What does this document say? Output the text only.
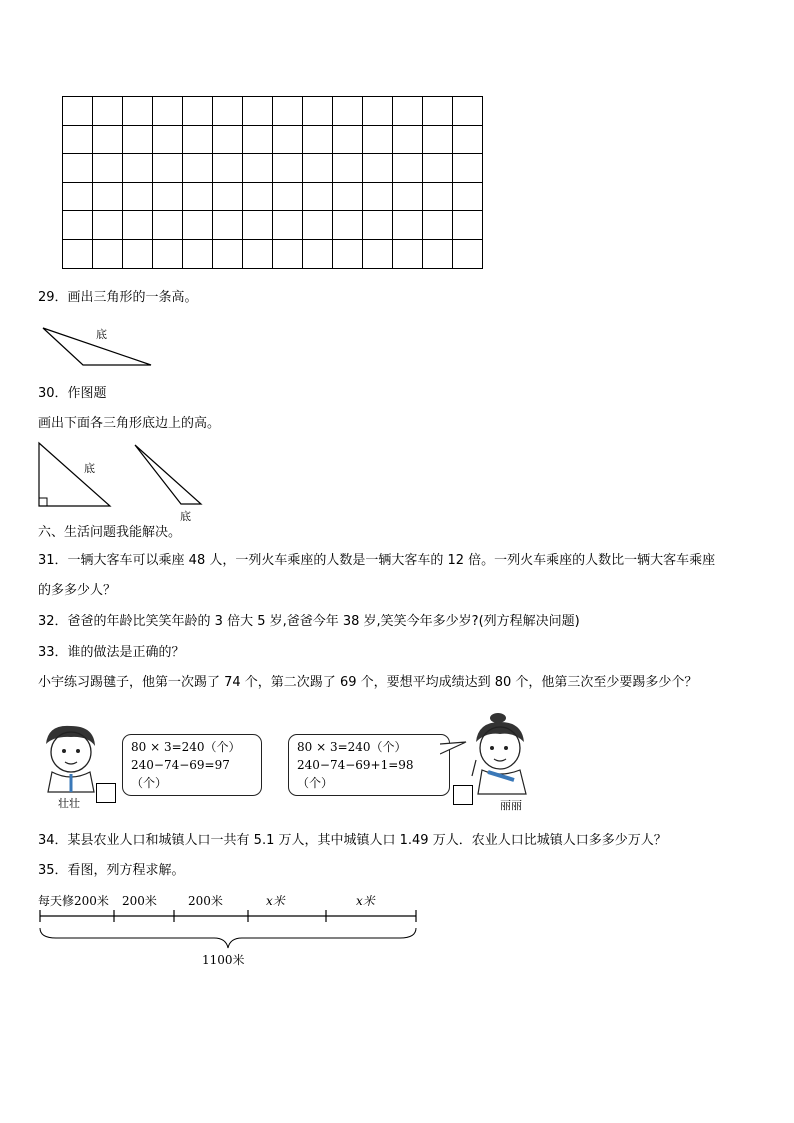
29．画出三角形的一条高。
底
30．作图题
画出下面各三角形底边上的高。
底
底
六、生活问题我能解决。
31．一辆大客车可以乘座 48 人，一列火车乘座的人数是一辆大客车的 12 倍。一列火车乘座的人数比一辆大客车乘座
的多多少人？
32．爸爸的年龄比笑笑年龄的 3 倍大 5 岁,爸爸今年 38 岁,笑笑今年多少岁?(列方程解决问题)
33．谁的做法是正确的？
小宇练习踢毽子，他第一次踢了 74 个，第二次踢了 69 个，要想平均成绩达到 80 个，他第三次至少要踢多少个？
壮壮
80 × 3=240（个）
240−74−69=97（个）
80 × 3=240（个）
240−74−69+1=98（个）
丽丽
34．某县农业人口和城镇人口一共有 5.1 万人，其中城镇人口 1.49 万人．农业人口比城镇人口多多少万人？
35．看图，列方程求解。
每天修200米 200米	200米	x米	x米
1100米
